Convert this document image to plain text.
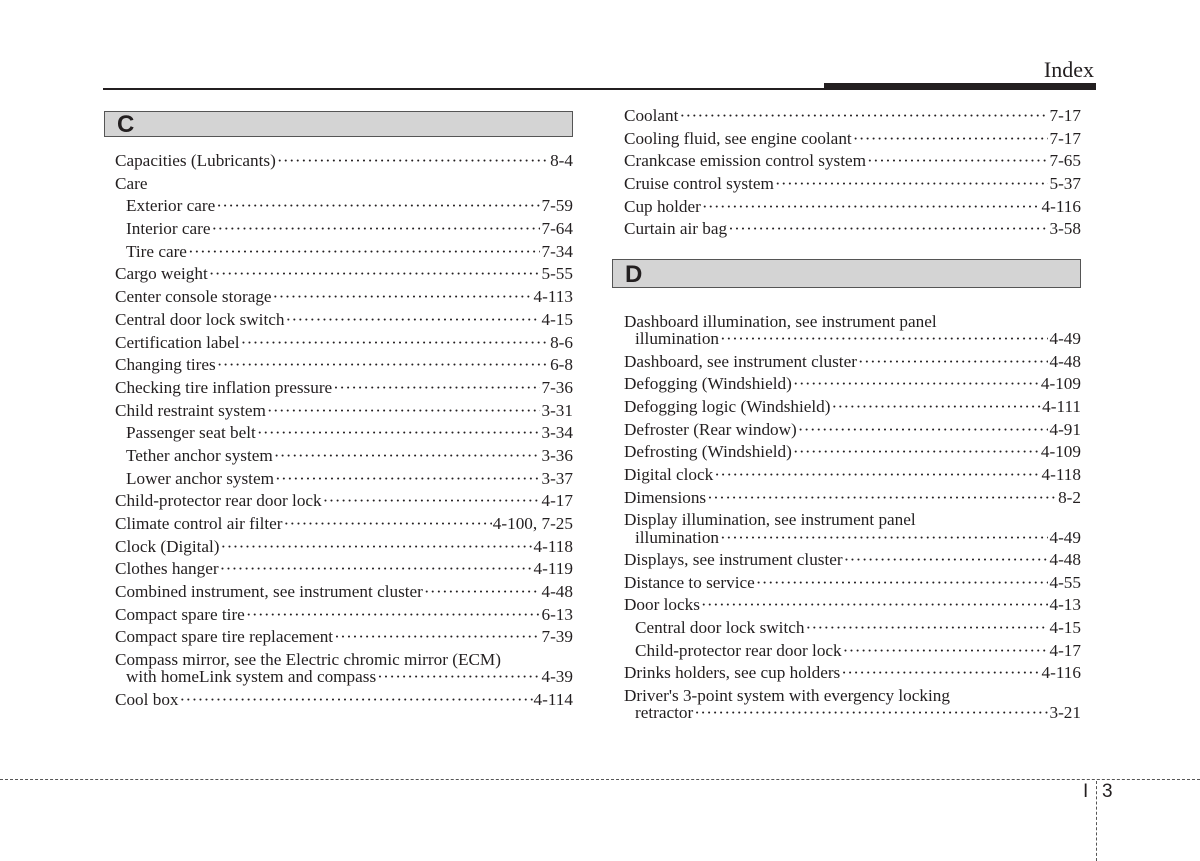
Index
C
Capacities (Lubricants) ·····	8-4
Care
Exterior care ·····	7-59
Interior care ·····	7-64
Tire care ·····	7-34
Cargo weight ·····	5-55
Center console storage ·····	4-113
Central door lock switch ·····	4-15
Certification label ·····	8-6
Changing tires ·····	6-8
Checking tire inflation pressure ·····	7-36
Child restraint system ·····	3-31
Passenger seat belt ·····	3-34
Tether anchor system ·····	3-36
Lower anchor system ·····	3-37
Child-protector rear door lock ·····	4-17
Climate control air filter ·····	4-100, 7-25
Clock (Digital) ·····	4-118
Clothes hanger ·····	4-119
Combined instrument, see instrument cluster ·····	4-48
Compact spare tire ·····	6-13
Compact spare tire replacement ·····	7-39
Compass mirror, see the Electric chromic mirror (ECM)
with homeLink system and compass ·····	4-39
Cool box ·····	4-114
Coolant ·····	7-17
Cooling fluid, see engine coolant ·····	7-17
Crankcase emission control system ·····	7-65
Cruise control system ·····	5-37
Cup holder ·····	4-116
Curtain air bag ·····	3-58
D
Dashboard illumination, see instrument panel
illumination ·····	4-49
Dashboard, see instrument cluster ·····	4-48
Defogging (Windshield) ·····	4-109
Defogging logic (Windshield) ·····	4-111
Defroster (Rear window) ·····	4-91
Defrosting (Windshield) ·····	4-109
Digital clock ·····	4-118
Dimensions ·····	8-2
Display illumination, see instrument panel
illumination ·····	4-49
Displays, see instrument cluster ·····	4-48
Distance to service ·····	4-55
Door locks ·····	4-13
Central door lock switch ·····	4-15
Child-protector rear door lock ·····	4-17
Drinks holders, see cup holders ·····	4-116
Driver's 3-point system with evergency locking
retractor ·····	3-21
I 3
